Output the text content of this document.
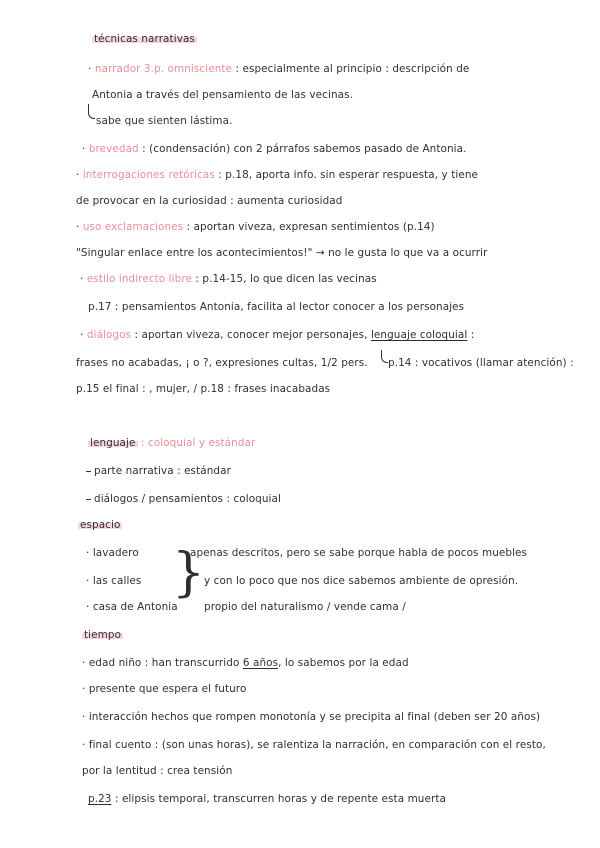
técnicas narrativas
· narrador 3.p. omnisciente : especialmente al principio : descripción de
Antonia a través del pensamiento de las vecinas.
sabe que sienten lástima.
· brevedad : (condensación) con 2 párrafos sabemos pasado de Antonia.
· interrogaciones retóricas : p.18, aporta info. sin esperar respuesta, y tiene
de provocar en la curiosidad : aumenta curiosidad
· uso exclamaciones : aportan viveza, expresan sentimientos (p.14)
"Singular enlace entre los acontecimientos!" → no le gusta lo que va a ocurrir
· estilo indirecto libre : p.14-15, lo que dicen las vecinas
p.17 : pensamientos Antonia, facilita al lector conocer a los personajes
· diálogos : aportan viveza, conocer mejor personajes, lenguaje coloquial :
frases no acabadas, ¡ o ?, expresiones cultas, 1/2 pers. p.14 : vocativos (llamar atención) :
p.15 el final : , mujer, / p.18 : frases inacabadas
lenguaje : coloquial y estándar
parte narrativa : estándar
diálogos / pensamientos : coloquial
espacio
· lavadero
· las calles
· casa de Antonia
}
apenas descritos, pero se sabe porque habla de pocos muebles
y con lo poco que nos dice sabemos ambiente de opresión.
propio del naturalismo / vende cama /
tiempo
· edad niño : han transcurrido 6 años, lo sabemos por la edad
· presente que espera el futuro
· interacción hechos que rompen monotonía y se precipita al final (deben ser 20 años)
· final cuento : (son unas horas), se ralentiza la narración, en comparación con el resto,
por la lentitud : crea tensión
p.23 : elipsis temporal, transcurren horas y de repente esta muerta
